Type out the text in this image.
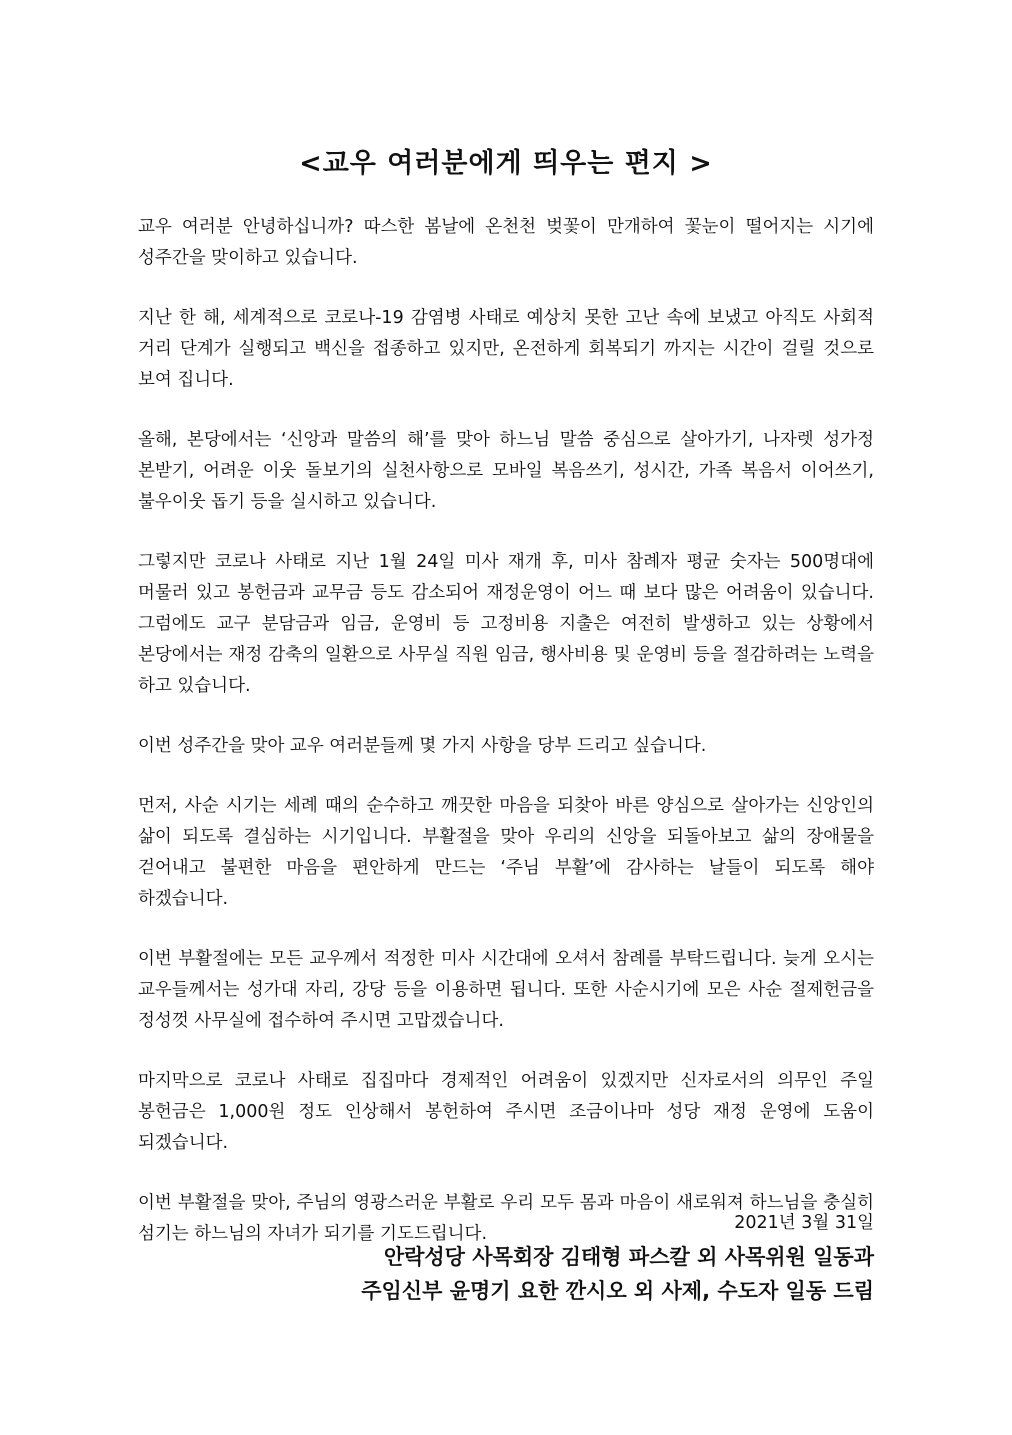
<교우 여러분에게 띄우는 편지 >

교우 여러분 안녕하십니까? 따스한 봄날에 온천천 벚꽃이 만개하여 꽃눈이 떨어지는 시기에 성주간을 맞이하고 있습니다.

지난 한 해, 세계적으로 코로나-19 감염병 사태로 예상치 못한 고난 속에 보냈고 아직도 사회적 거리 단계가 실행되고 백신을 접종하고 있지만, 온전하게 회복되기 까지는 시간이 걸릴 것으로 보여 집니다.

올해, 본당에서는 ‘신앙과 말씀의 해’를 맞아 하느님 말씀 중심으로 살아가기, 나자렛 성가정 본받기, 어려운 이웃 돌보기의 실천사항으로 모바일 복음쓰기, 성시간, 가족 복음서 이어쓰기, 불우이웃 돕기 등을 실시하고 있습니다.

그렇지만 코로나 사태로 지난 1월 24일 미사 재개 후, 미사 참례자 평균 숫자는 500명대에 머물러 있고 봉헌금과 교무금 등도 감소되어 재정운영이 어느 때 보다 많은 어려움이 있습니다. 그럼에도 교구 분담금과 임금, 운영비 등 고정비용 지출은 여전히 발생하고 있는 상황에서 본당에서는 재정 감축의 일환으로 사무실 직원 임금, 행사비용 및 운영비 등을 절감하려는 노력을 하고 있습니다.

이번 성주간을 맞아 교우 여러분들께 몇 가지 사항을 당부 드리고 싶습니다.

먼저, 사순 시기는 세례 때의 순수하고 깨끗한 마음을 되찾아 바른 양심으로 살아가는 신앙인의 삶이 되도록 결심하는 시기입니다. 부활절을 맞아 우리의 신앙을 되돌아보고 삶의 장애물을 걷어내고 불편한 마음을 편안하게 만드는 ‘주님 부활’에 감사하는 날들이 되도록 해야 하겠습니다.

이번 부활절에는 모든 교우께서 적정한 미사 시간대에 오셔서 참례를 부탁드립니다. 늦게 오시는 교우들께서는 성가대 자리, 강당 등을 이용하면 됩니다. 또한 사순시기에 모은 사순 절제헌금을 정성껏 사무실에 접수하여 주시면 고맙겠습니다.

마지막으로 코로나 사태로 집집마다 경제적인 어려움이 있겠지만 신자로서의 의무인 주일 봉헌금은 1,000원 정도 인상해서 봉헌하여 주시면 조금이나마 성당 재정 운영에 도움이 되겠습니다.

이번 부활절을 맞아, 주님의 영광스러운 부활로 우리 모두 몸과 마음이 새로워져 하느님을 충실히 섬기는 하느님의 자녀가 되기를 기도드립니다.

2021년 3월 31일
안락성당 사목회장 김태형 파스칼 외 사목위원 일동과
주임신부 윤명기 요한 깐시오 외 사제, 수도자 일동 드림
